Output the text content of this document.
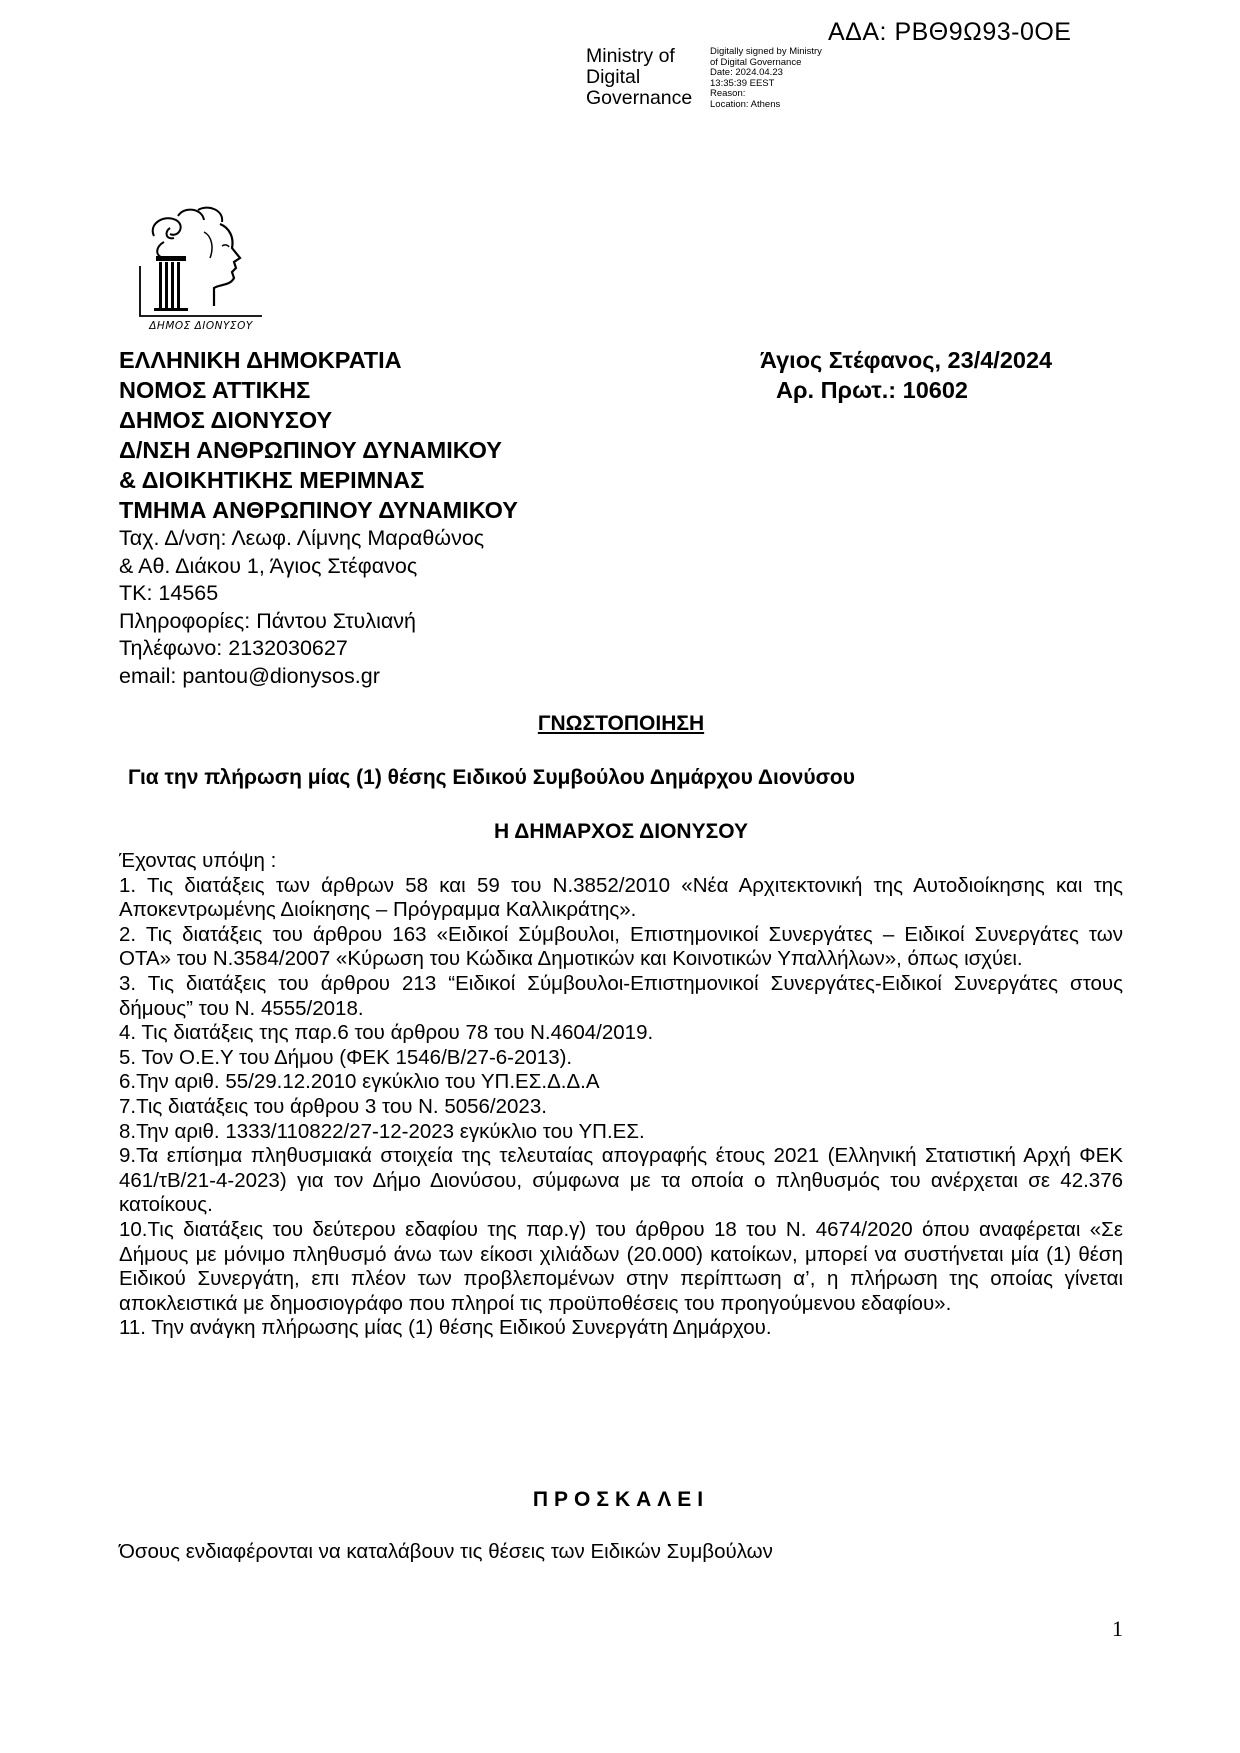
ΑΔΑ: ΡΒΘ9Ω93-0ΟΕ
Ministry of
Digital
Governance
Digitally signed by Ministry
of Digital Governance
Date: 2024.04.23
13:35:39 EEST
Reason:
Location: Athens
ΔΗΜΟΣ ΔΙΟΝΥΣΟΥ
ΕΛΛΗΝΙΚΗ ΔΗΜΟΚΡΑΤΙΑ
ΝΟΜΟΣ ΑΤΤΙΚΗΣ
ΔΗΜΟΣ ΔΙΟΝΥΣΟΥ
Δ/ΝΣΗ ΑΝΘΡΩΠΙΝΟΥ ΔΥΝΑΜΙΚΟΥ
& ΔΙΟΙΚΗΤΙΚΗΣ ΜΕΡΙΜΝΑΣ
ΤΜΗΜΑ ΑΝΘΡΩΠΙΝΟΥ ΔΥΝΑΜΙΚΟΥ
Ταχ. Δ/νση: Λεωφ. Λίμνης Μαραθώνος
& Αθ. Διάκου 1, Άγιος Στέφανος
ΤΚ: 14565
Πληροφορίες: Πάντου Στυλιανή
Τηλέφωνο: 2132030627
email: pantou@dionysos.gr
Άγιος Στέφανος, 23/4/2024
Αρ. Πρωτ.: 10602
ΓΝΩΣΤΟΠΟΙΗΣΗ
Για την πλήρωση μίας (1) θέσης Ειδικού Συμβούλου Δημάρχου Διονύσου
Η ΔΗΜΑΡΧΟΣ ΔΙΟΝΥΣΟΥ

Έχοντας υπόψη :

1. Τις διατάξεις των άρθρων 58 και 59 του Ν.3852/2010 «Νέα Αρχιτεκτονική της Αυτοδιοίκησης και της Αποκεντρωμένης Διοίκησης – Πρόγραμμα Καλλικράτης».

2. Τις διατάξεις του άρθρου 163 «Ειδικοί Σύμβουλοι, Επιστημονικοί Συνεργάτες – Ειδικοί Συνεργάτες των ΟΤΑ» του Ν.3584/2007 «Κύρωση του Κώδικα Δημοτικών και Κοινοτικών Υπαλλήλων», όπως ισχύει.

3. Τις διατάξεις του άρθρου 213 “Ειδικοί Σύμβουλοι-Επιστημονικοί Συνεργάτες-Ειδικοί Συνεργάτες στους δήμους” του Ν. 4555/2018.

4. Τις διατάξεις της παρ.6 του άρθρου 78 του Ν.4604/2019.

5. Τον Ο.Ε.Υ του Δήμου (ΦΕΚ 1546/Β/27-6-2013).

6.Την αριθ. 55/29.12.2010 εγκύκλιο του ΥΠ.ΕΣ.Δ.Δ.Α

7.Τις διατάξεις του άρθρου 3 του Ν. 5056/2023.

8.Την αριθ. 1333/110822/27-12-2023 εγκύκλιο του ΥΠ.ΕΣ.

9.Τα επίσημα πληθυσμιακά στοιχεία της τελευταίας απογραφής έτους 2021 (Ελληνική Στατιστική Αρχή ΦΕΚ 461/τΒ/21-4-2023) για τον Δήμο Διονύσου, σύμφωνα με τα οποία ο πληθυσμός του ανέρχεται σε 42.376 κατοίκους.

10.Τις διατάξεις του δεύτερου εδαφίου της παρ.γ) του άρθρου 18 του Ν. 4674/2020 όπου αναφέρεται «Σε Δήμους με μόνιμο πληθυσμό άνω των είκοσι χιλιάδων (20.000) κατοίκων, μπορεί να συστήνεται μία (1) θέση Ειδικού Συνεργάτη, επι πλέον των προβλεπομένων στην περίπτωση α’, η πλήρωση της οποίας γίνεται αποκλειστικά με δημοσιογράφο που πληροί τις προϋποθέσεις του προηγούμενου εδαφίου».

11. Την ανάγκη πλήρωσης μίας (1) θέσης Ειδικού Συνεργάτη Δημάρχου.

ΠΡΟΣΚΑΛΕΙ
Όσους ενδιαφέρονται να καταλάβουν τις θέσεις των Ειδικών Συμβούλων
1
